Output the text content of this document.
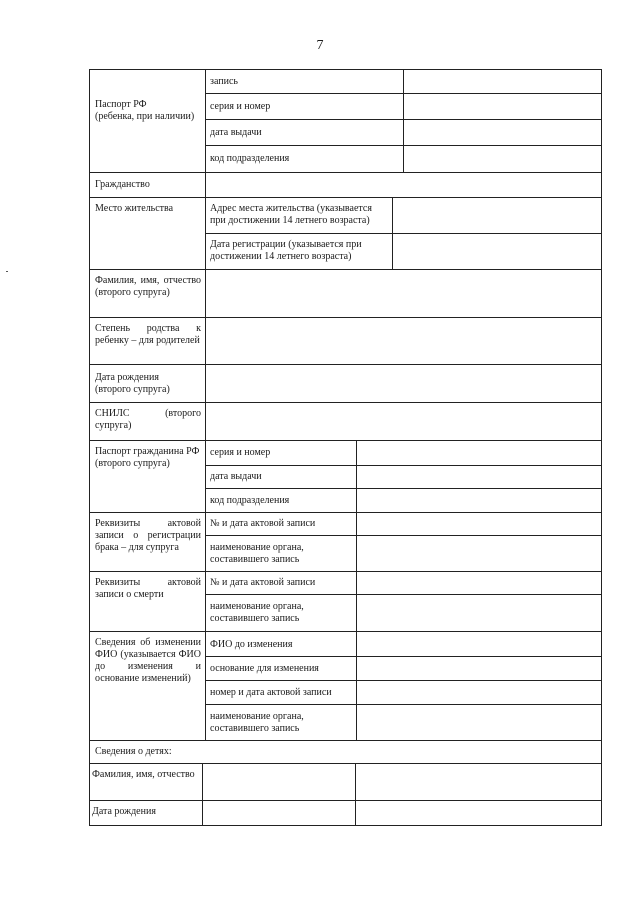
7
запись
Паспорт РФ
(ребенка, при наличии)
серия и номер
дата выдачи
код подразделения
Гражданство
Место жительства	Адрес места жительства (указывается
при достижении 14 летнего возраста)
Дата регистрации (указывается при
достижении 14 летнего возраста)
Фамилия, имя, отчество (второго супруга)
Степень родства к ребенку – для родителей
Дата рождения
(второго супруга)
СНИЛС (второго супруга)
Паспорт гражданина РФ
(второго супруга)
серия и номер
дата выдачи
код подразделения
Реквизиты актовой записи о регистрации брака – для супруга
№ и дата актовой записи
наименование органа,
составившего запись
Реквизиты актовой записи о смерти
№ и дата актовой записи
наименование органа,
составившего запись
Сведения об изменении ФИО (указывается ФИО до изменения и основание изменений)
ФИО до изменения
основание для изменения
номер и дата актовой записи
наименование органа,
составившего запись
Сведения о детях:
Фамилия, имя, отчество
Дата рождения
